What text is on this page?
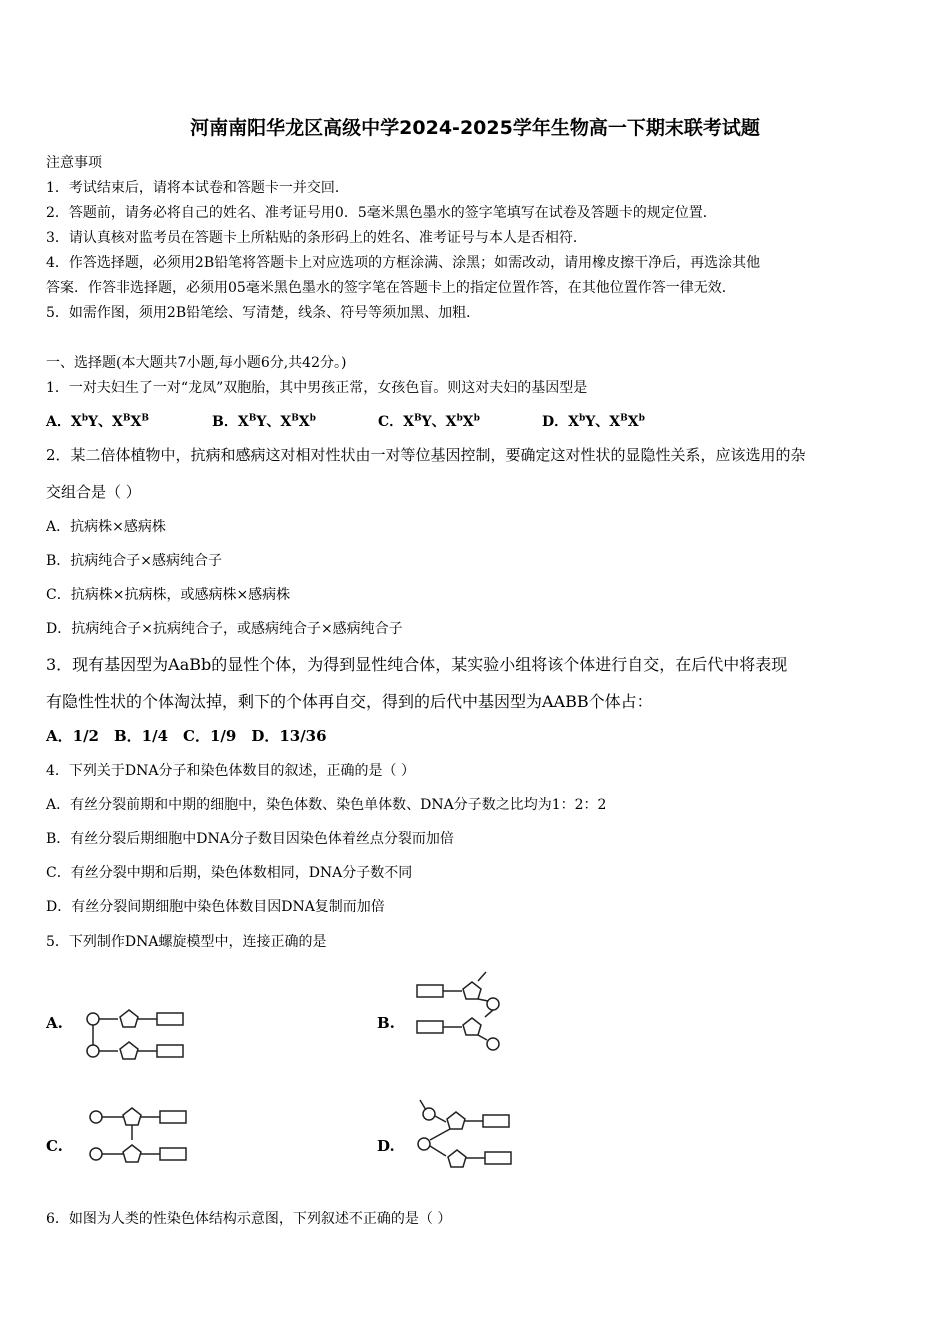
河南南阳华龙区高级中学2024-2025学年生物高一下期末联考试题
注意事项
1．考试结束后，请将本试卷和答题卡一并交回．
2．答题前，请务必将自己的姓名、准考证号用0．5毫米黑色墨水的签字笔填写在试卷及答题卡的规定位置．
3．请认真核对监考员在答题卡上所粘贴的条形码上的姓名、准考证号与本人是否相符．
4．作答选择题，必须用2B铅笔将答题卡上对应选项的方框涂满、涂黑；如需改动，请用橡皮擦干净后，再选涂其他
答案．作答非选择题，必须用05毫米黑色墨水的签字笔在答题卡上的指定位置作答，在其他位置作答一律无效．
5．如需作图，须用2B铅笔绘、写清楚，线条、符号等须加黑、加粗．
一、选择题(本大题共7小题,每小题6分,共42分。)
1．一对夫妇生了一对“龙凤”双胞胎，其中男孩正常，女孩色盲。则这对夫妇的基因型是
A．$X^bY$、$X^BX^B$	B．$X^BY$、$X^BX^b$	C．$X^BY$、$X^bX^b$	D．$X^bY$、$X^BX^b$
2．某二倍体植物中，抗病和感病这对相对性状由一对等位基因控制，要确定这对性状的显隐性关系，应该选用的杂
交组合是（ ）
A．抗病株×感病株
B．抗病纯合子×感病纯合子
C．抗病株×抗病株，或感病株×感病株
D．抗病纯合子×抗病纯合子，或感病纯合子×感病纯合子
3．现有基因型为AaBb的显性个体，为得到显性纯合体，某实验小组将该个体进行自交，在后代中将表现
有隐性性状的个体淘汰掉，剩下的个体再自交，得到的后代中基因型为AABB个体占：
A．1/2　B．1/4　C．1/9　D．13/36
4．下列关于DNA分子和染色体数目的叙述，正确的是（ ）
A．有丝分裂前期和中期的细胞中，染色体数、染色单体数、DNA分子数之比均为1：2：2
B．有丝分裂后期细胞中DNA分子数目因染色体着丝点分裂而加倍
C．有丝分裂中期和后期，染色体数相同，DNA分子数不同
D．有丝分裂间期细胞中染色体数目因DNA复制而加倍
5．下列制作DNA螺旋模型中，连接正确的是
A.	B.
C.	D.
6．如图为人类的性染色体结构示意图，下列叙述不正确的是（ ）
